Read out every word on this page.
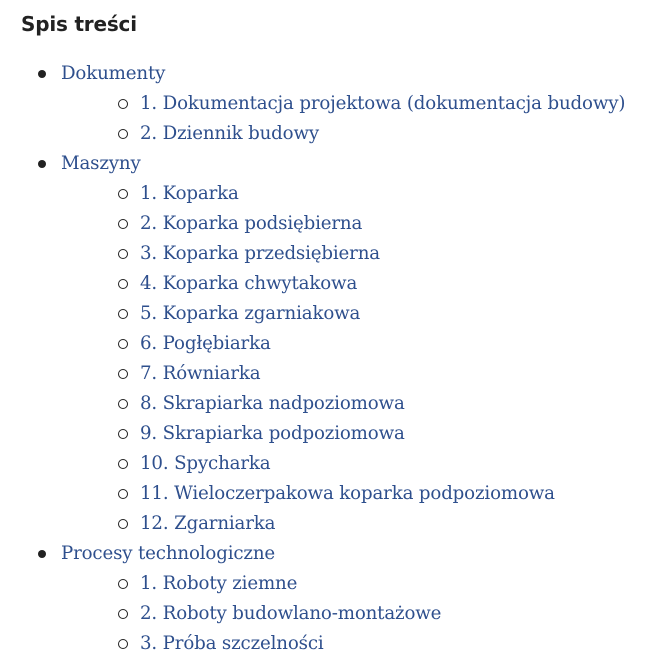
Spis treści
Dokumenty
1. Dokumentacja projektowa (dokumentacja budowy)
2. Dziennik budowy
Maszyny
1. Koparka
2. Koparka podsiębierna
3. Koparka przedsiębierna
4. Koparka chwytakowa
5. Koparka zgarniakowa
6. Pogłębiarka
7. Równiarka
8. Skrapiarka nadpoziomowa
9. Skrapiarka podpoziomowa
10. Spycharka
11. Wieloczerpakowa koparka podpoziomowa
12. Zgarniarka
Procesy technologiczne
1. Roboty ziemne
2. Roboty budowlano-montażowe
3. Próba szczelności
